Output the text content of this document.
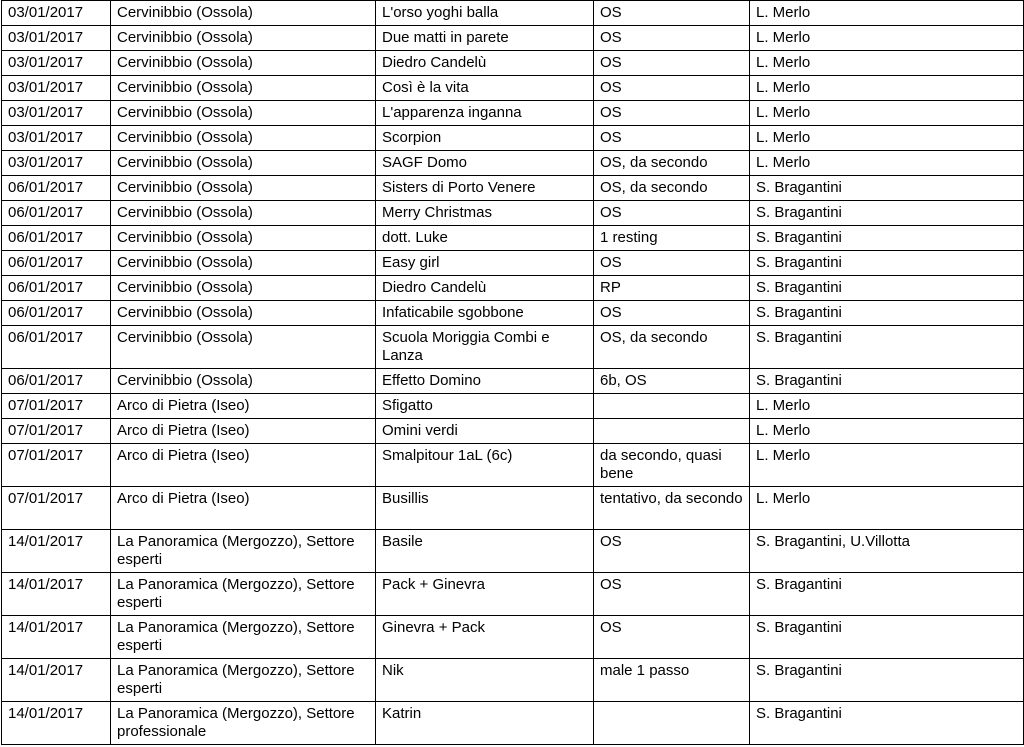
03/01/2017	Cervinibbio (Ossola)	L'orso yoghi balla	OS	L. Merlo
03/01/2017	Cervinibbio (Ossola)	Due matti in parete	OS	L. Merlo
03/01/2017	Cervinibbio (Ossola)	Diedro Candelù	OS	L. Merlo
03/01/2017	Cervinibbio (Ossola)	Così è la vita	OS	L. Merlo
03/01/2017	Cervinibbio (Ossola)	L'apparenza inganna	OS	L. Merlo
03/01/2017	Cervinibbio (Ossola)	Scorpion	OS	L. Merlo
03/01/2017	Cervinibbio (Ossola)	SAGF Domo	OS, da secondo	L. Merlo
06/01/2017	Cervinibbio (Ossola)	Sisters di Porto Venere	OS, da secondo	S. Bragantini
06/01/2017	Cervinibbio (Ossola)	Merry Christmas	OS	S. Bragantini
06/01/2017	Cervinibbio (Ossola)	dott. Luke	1 resting	S. Bragantini
06/01/2017	Cervinibbio (Ossola)	Easy girl	OS	S. Bragantini
06/01/2017	Cervinibbio (Ossola)	Diedro Candelù	RP	S. Bragantini
06/01/2017	Cervinibbio (Ossola)	Infaticabile sgobbone	OS	S. Bragantini
06/01/2017	Cervinibbio (Ossola)	Scuola Moriggia Combi e Lanza	OS, da secondo	S. Bragantini
06/01/2017	Cervinibbio (Ossola)	Effetto Domino	6b, OS	S. Bragantini
07/01/2017	Arco di Pietra (Iseo)	Sfigatto		L. Merlo
07/01/2017	Arco di Pietra (Iseo)	Omini verdi		L. Merlo
07/01/2017	Arco di Pietra (Iseo)	Smalpitour 1aL (6c)	da secondo, quasi bene	L. Merlo
07/01/2017	Arco di Pietra (Iseo)	Busillis	tentativo, da secondo	L. Merlo
14/01/2017	La Panoramica (Mergozzo), Settore esperti	Basile	OS	S. Bragantini, U.Villotta
14/01/2017	La Panoramica (Mergozzo), Settore esperti	Pack + Ginevra	OS	S. Bragantini
14/01/2017	La Panoramica (Mergozzo), Settore esperti	Ginevra + Pack	OS	S. Bragantini
14/01/2017	La Panoramica (Mergozzo), Settore esperti	Nik	male 1 passo	S. Bragantini
14/01/2017	La Panoramica (Mergozzo), Settore professionale	Katrin		S. Bragantini
